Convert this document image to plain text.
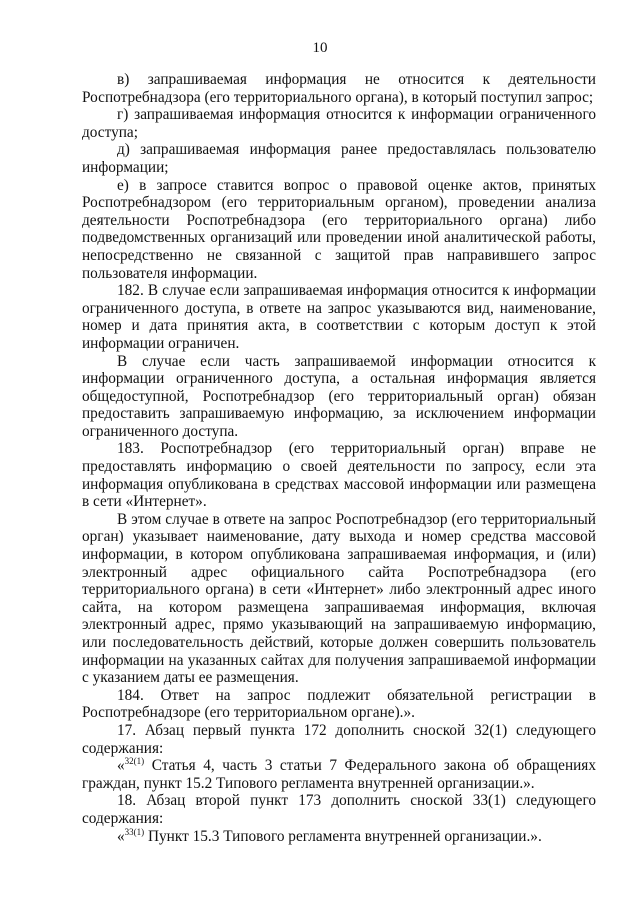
10

в) запрашиваемая информация не относится к деятельности Роспотребнадзора (его территориального органа), в который поступил запрос;

г) запрашиваемая информация относится к информации ограниченного доступа;

д) запрашиваемая информация ранее предоставлялась пользователю информации;

е) в запросе ставится вопрос о правовой оценке актов, принятых Роспотребнадзором (его территориальным органом), проведении анализа деятельности Роспотребнадзора (его территориального органа) либо подведомственных организаций или проведении иной аналитической работы, непосредственно не связанной с защитой прав направившего запрос пользователя информации.

182. В случае если запрашиваемая информация относится к информации ограниченного доступа, в ответе на запрос указываются вид, наименование, номер и дата принятия акта, в соответствии с которым доступ к этой информации ограничен.

В случае если часть запрашиваемой информации относится к информации ограниченного доступа, а остальная информация является общедоступной, Роспотребнадзор (его территориальный орган) обязан предоставить запрашиваемую информацию, за исключением информации ограниченного доступа.

183. Роспотребнадзор (его территориальный орган) вправе не предоставлять информацию о своей деятельности по запросу, если эта информация опубликована в средствах массовой информации или размещена в сети «Интернет».

В этом случае в ответе на запрос Роспотребнадзор (его территориальный орган) указывает наименование, дату выхода и номер средства массовой информации, в котором опубликована запрашиваемая информация, и (или) электронный адрес официального сайта Роспотребнадзора (его территориального органа) в сети «Интернет» либо электронный адрес иного сайта, на котором размещена запрашиваемая информация, включая электронный адрес, прямо указывающий на запрашиваемую информацию, или последовательность действий, которые должен совершить пользователь информации на указанных сайтах для получения запрашиваемой информации с указанием даты ее размещения.

184. Ответ на запрос подлежит обязательной регистрации в Роспотребнадзоре (его территориальном органе).».

17. Абзац первый пункта 172 дополнить сноской 32(1) следующего содержания:

«$^{32(1)}$ Статья 4, часть 3 статьи 7 Федерального закона об обращениях граждан, пункт 15.2 Типового регламента внутренней организации.».

18. Абзац второй пункт 173 дополнить сноской 33(1) следующего содержания:

«$^{33(1)}$ Пункт 15.3 Типового регламента внутренней организации.».
